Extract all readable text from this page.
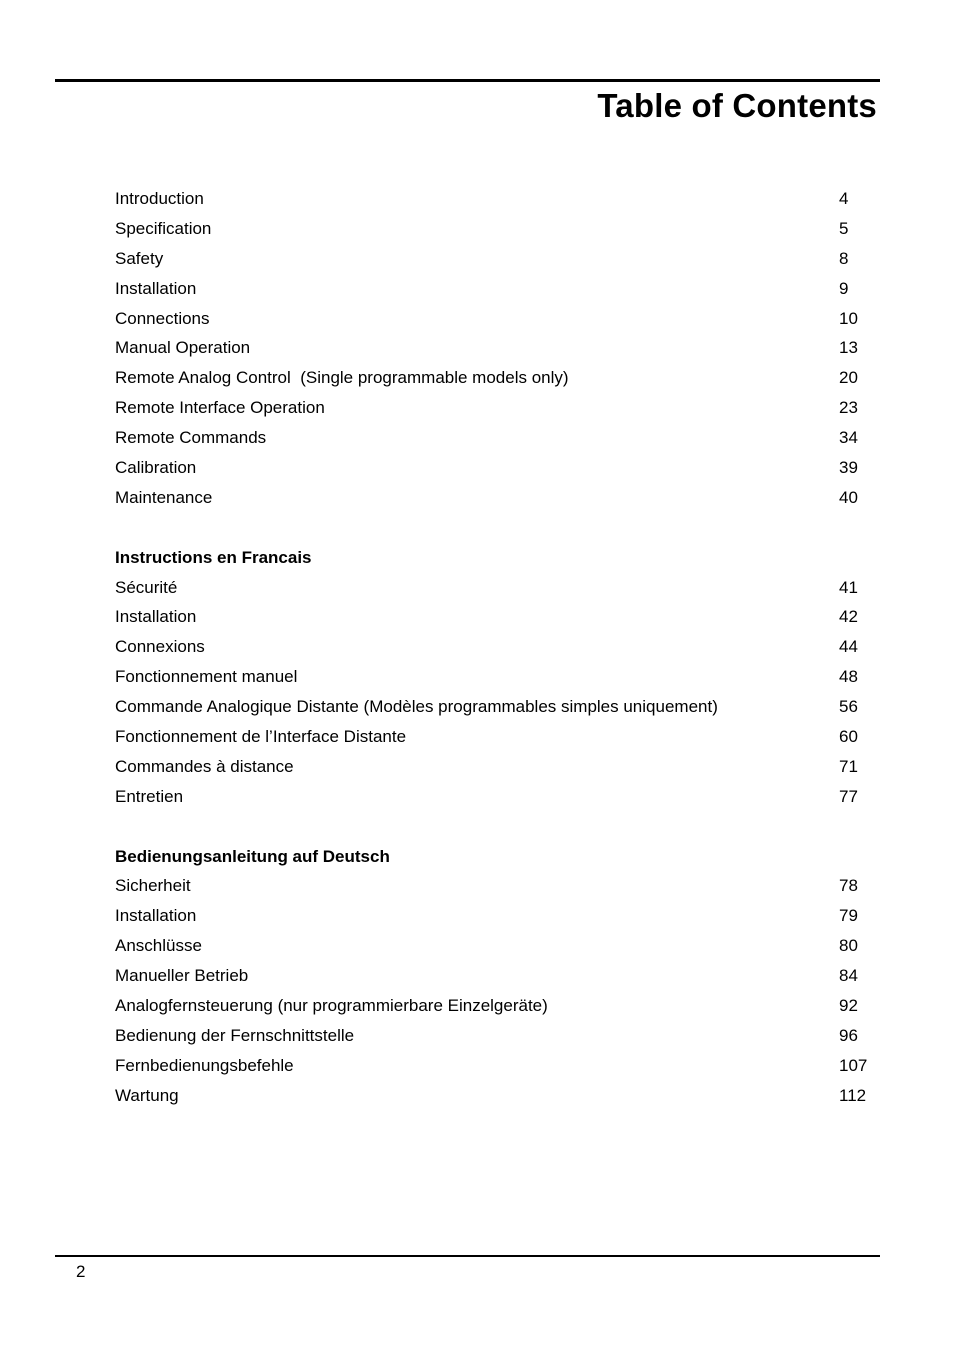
Table of Contents
Introduction	4
Specification	5
Safety	8
Installation	9
Connections	10
Manual Operation	13
Remote Analog Control  (Single programmable models only)	20
Remote Interface Operation	23
Remote Commands	34
Calibration	39
Maintenance	40
Instructions en Francais
Sécurité	41
Installation	42
Connexions	44
Fonctionnement manuel	48
Commande Analogique Distante (Modèles programmables simples uniquement)	56
Fonctionnement de l’Interface Distante	60
Commandes à distance	71
Entretien	77
Bedienungsanleitung auf Deutsch
Sicherheit	78
Installation	79
Anschlüsse	80
Manueller Betrieb	84
Analogfernsteuerung (nur programmierbare Einzelgeräte)	92
Bedienung der Fernschnittstelle	96
Fernbedienungsbefehle	107
Wartung	112
2
